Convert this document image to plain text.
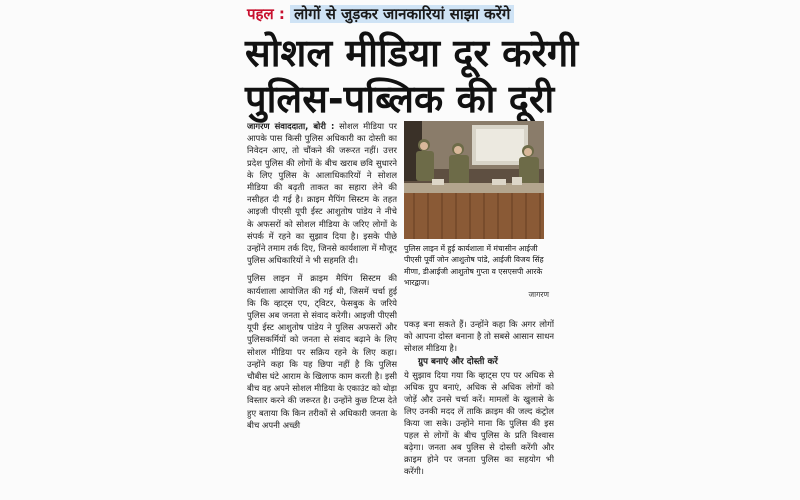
पहल : लोगों से जुड़कर जानकारियां साझा करेंगे
सोशल मीडिया दूर करेगी
पुलिस-पब्लिक की दूरी

जागरण संवाददाता, बोरी : सोशल मीडिया पर आपके पास किसी पुलिस अधिकारी का दोस्ती का निवेदन आए, तो चौंकने की जरूरत नहीं। उत्तर प्रदेश पुलिस की लोगों के बीच खराब छवि सुधारने के लिए पुलिस के आलाधिकारियों ने सोशल मीडिया की बढ़ती ताकत का सहारा लेने की नसीहत दी गई है। क्राइम मैपिंग सिस्टम के तहत आइजी पीएसी यूपी ईस्ट आशुतोष पांडेय ने नीचे के अफसरों को सोशल मीडिया के जरिए लोगों के संपर्क में रहने का सुझाव दिया है। इसके पीछे उन्होंने तमाम तर्क दिए, जिनसे कार्यशाला में मौजूद पुलिस अधिकारियों ने भी सहमति दी।

पुलिस लाइन में क्राइम मैपिंग सिस्टम की कार्यशाला आयोजित की गई थी, जिसमें चर्चा हुई कि कि व्हाट्स एप, ट्विटर, फेसबुक के जरिये पुलिस अब जनता से संवाद करेगी। आइजी पीएसी यूपी ईस्ट आशुतोष पांडेय ने पुलिस अफसरों और पुलिसकर्मियों को जनता से संवाद बढ़ाने के लिए सोशल मीडिया पर सक्रिय रहने के लिए कहा। उन्होंने कहा कि यह छिपा नहीं है कि पुलिस चौबीस घंटे आराम के खिलाफ काम करती है। इसी बीच वह अपने सोशल मीडिया के एकाउंट को थोड़ा विस्तार करने की जरूरत है। उन्होंने कुछ टिप्स देते हुए बताया कि किन तरीकों से अधिकारी जनता के बीच अपनी अच्छी

पुलिस लाइन में हुई कार्यशाला में मंचासीन आईजी पीएसी पूर्वी जोन आशुतोष पांडे, आईजी विजय सिंह मीणा, डीआईजी आशुतोष गुप्ता व एसएसपी आरके भारद्वाज।
जागरण

पकड़ बना सकते हैं। उन्होंने कहा कि अगर लोगों को आपना दोस्त बनाना है तो सबसे आसान साधन सोशल मीडिया है।

ग्रुप बनाएं और दोस्ती करें

ये सुझाव दिया गया कि व्हाट्स एप पर अधिक से अधिक ग्रुप बनाएं, अधिक से अधिक लोगों को जोड़ें और उनसे चर्चा करें। मामलों के खुलासे के लिए उनकी मदद लें ताकि क्राइम की जल्द कंट्रोल किया जा सके। उन्होंने माना कि पुलिस की इस पहल से लोगों के बीच पुलिस के प्रति विश्वास बढ़ेगा। जनता अब पुलिस से दोस्ती करेंगी और क्राइम होने पर जनता पुलिस का सहयोग भी करेंगी।
